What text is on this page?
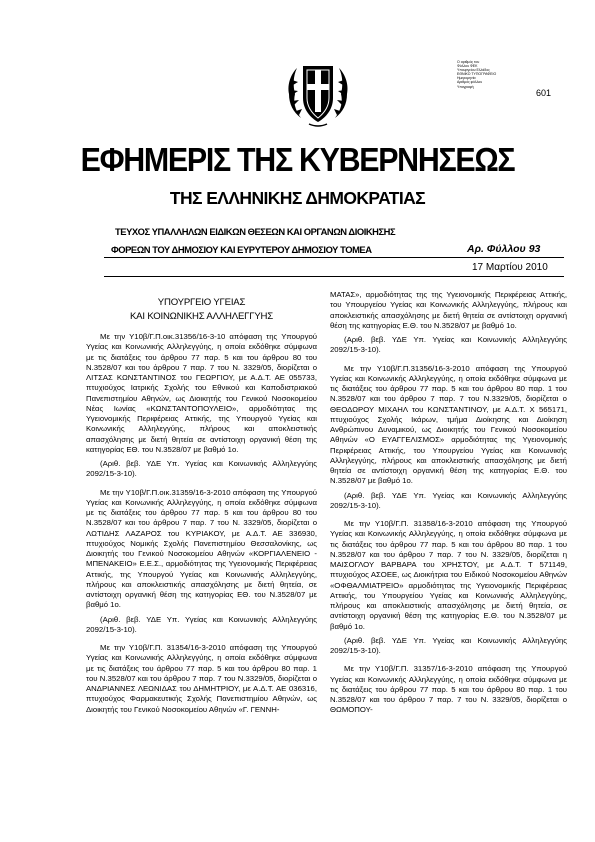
Ο αριθμός του
Φύλλου ΦΕΚ
Υπουργείου Ελλάδος
ΕΘΝΙΚΟ ΤΥΠΟΓΡΑΦΕΙΟ
Ημερομηνία
Αριθμός φύλλου
Υπογραφή
601
ΕΦΗΜΕΡΙΣ ΤΗΣ ΚΥΒΕΡΝΗΣΕΩΣ
ΤΗΣ ΕΛΛΗΝΙΚΗΣ ΔΗΜΟΚΡΑΤΙΑΣ
ΤΕΥΧΟΣ ΥΠΑΛΛΗΛΩΝ ΕΙΔΙΚΩΝ ΘΕΣΕΩΝ ΚΑΙ ΟΡΓΑΝΩΝ ΔΙΟΙΚΗΣΗΣ
ΦΟΡΕΩΝ ΤΟΥ ΔΗΜΟΣΙΟΥ ΚΑΙ ΕΥΡΥΤΕΡΟΥ ΔΗΜΟΣΙΟΥ ΤΟΜΕΑ	Αρ. Φύλλου 93
17 Μαρτίου 2010
ΥΠΟΥΡΓΕΙΟ ΥΓΕΙΑΣ
ΚΑΙ ΚΟΙΝΩΝΙΚΗΣ ΑΛΛΗΛΕΓΓΥΗΣ

Με την Υ10β/Γ.Π.οικ.31356/16-3-10 απόφαση της Υπουργού Υγείας και Κοινωνικής Αλληλεγγύης, η οποία εκδόθηκε σύμφωνα με τις διατάξεις του άρθρου 77 παρ. 5 και του άρθρου 80 του Ν.3528/07 και του άρθρου 7 παρ. 7 του Ν. 3329/05, διορίζεται ο ΛΙΤΣΑΣ ΚΩΝΣΤΑΝΤΙΝΟΣ του ΓΕΩΡΓΙΟΥ, με Α.Δ.Τ. ΑΕ 055733, πτυχιούχος Ιατρικής Σχολής του Εθνικού και Καποδιστριακού Πανεπιστημίου Αθηνών, ως Διοικητής του Γενικού Νοσοκομείου Νέας Ιωνίας «ΚΩΝΣΤΑΝΤΟΠΟΥΛΕΙΟ», αρμοδιότητας της Υγειονομικής Περιφέρειας Αττικής, της Υπουργού Υγείας και Κοινωνικής Αλληλεγγύης, πλήρους και αποκλειστικής απασχόλησης με διετή θητεία σε αντίστοιχη οργανική θέση της κατηγορίας ΕΘ. του Ν.3528/07 με βαθμό 1ο.

(Αριθ. βεβ. ΥΔΕ Υπ. Υγείας και Κοινωνικής Αλληλεγγύης 2092/15-3-10).

Με την Υ10β/Γ.Π.οικ.31359/16-3-2010 απόφαση της Υπουργού Υγείας και Κοινωνικής Αλληλεγγύης, η οποία εκδόθηκε σύμφωνα με τις διατάξεις του άρθρου 77 παρ. 5 και του άρθρου 80 του Ν.3528/07 και του άρθρου 7 παρ. 7 του Ν. 3329/05, διορίζεται ο ΛΩΤΙΔΗΣ ΛΑΖΑΡΟΣ του ΚΥΡΙΑΚΟΥ, με Α.Δ.Τ. ΑΕ 336930, πτυχιούχος Νομικής Σχολής Πανεπιστημίου Θεσσαλονίκης, ως Διοικητής του Γενικού Νοσοκομείου Αθηνών «ΚΟΡΓΙΑΛΕΝΕΙΟ - ΜΠΕΝΑΚΕΙΟ» Ε.Ε.Σ., αρμοδιότητας της Υγειονομικής Περιφέρειας Αττικής, της Υπουργού Υγείας και Κοινωνικής Αλληλεγγύης, πλήρους και αποκλειστικής απασχόλησης με διετή θητεία, σε αντίστοιχη οργανική θέση της κατηγορίας ΕΘ. του Ν.3528/07 με βαθμό 1ο.

(Αριθ. βεβ. ΥΔΕ Υπ. Υγείας και Κοινωνικής Αλληλεγγύης 2092/15-3-10).

Με την Υ10β/Γ.Π. 31354/16-3-2010 απόφαση της Υπουργού Υγείας και Κοινωνικής Αλληλεγγύης, η οποία εκδόθηκε σύμφωνα με τις διατάξεις του άρθρου 77 παρ. 5 και του άρθρου 80 παρ. 1 του Ν.3528/07 και του άρθρου 7 παρ. 7 του Ν.3329/05, διορίζεται ο ΑΝΔΡΙΑΝΝΕΣ ΛΕΩΝΙΔΑΣ του ΔΗΜΗΤΡΙΟΥ, με Α.Δ.Τ. ΑΕ 036316, πτυχιούχος Φαρμακευτικής Σχολής Πανεπιστημίου Αθηνών, ως Διοικητής του Γενικού Νοσοκομείου Αθηνών «Γ. ΓΕΝΝΗ-

ΜΑΤΑΣ», αρμοδιότητας της της Υγειονομικής Περιφέρειας Αττικής, του Υπουργείου Υγείας και Κοινωνικής Αλληλεγγύης, πλήρους και αποκλειστικής απασχόλησης με διετή θητεία σε αντίστοιχη οργανική θέση της κατηγορίας Ε.Θ. του Ν.3528/07 με βαθμό 1ο.

(Αριθ. βεβ. ΥΔΕ Υπ. Υγείας και Κοινωνικής Αλληλεγγύης 2092/15-3-10).

Με την Υ10β/Γ.Π.31356/16-3-2010 απόφαση της Υπουργού Υγείας και Κοινωνικής Αλληλεγγύης, η οποία εκδόθηκε σύμφωνα με τις διατάξεις του άρθρου 77 παρ. 5 και του άρθρου 80 παρ. 1 του Ν.3528/07 και του άρθρου 7 παρ. 7 του Ν.3329/05, διορίζεται ο ΘΕΟΔΩΡΟΥ ΜΙΧΑΗΛ του ΚΩΝΣΤΑΝΤΙΝΟΥ, με Α.Δ.Τ. Χ 565171, πτυχιούχος Σχολής Ικάρων, τμήμα Διοίκησης και Διοίκηση Ανθρώπινου Δυναμικού, ως Διοικητής του Γενικού Νοσοκομείου Αθηνών «Ο ΕΥΑΓΓΕΛΙΣΜΟΣ» αρμοδιότητας της Υγειονομικής Περιφέρειας Αττικής, του Υπουργείου Υγείας και Κοινωνικής Αλληλεγγύης, πλήρους και αποκλειστικής απασχόλησης με διετή θητεία σε αντίστοιχη οργανική θέση της κατηγορίας Ε.Θ. του Ν.3528/07 με βαθμό 1ο.

(Αριθ. βεβ. ΥΔΕ Υπ. Υγείας και Κοινωνικής Αλληλεγγύης 2092/15-3-10).

Με την Υ10β/Γ.Π. 31358/16-3-2010 απόφαση της Υπουργού Υγείας και Κοινωνικής Αλληλεγγύης, η οποία εκδόθηκε σύμφωνα με τις διατάξεις του άρθρου 77 παρ. 5 και του άρθρου 80 παρ. 1 του Ν.3528/07 και του άρθρου 7 παρ. 7 του Ν. 3329/05, διορίζεται η ΜΑΙΣΟΓΛΟΥ ΒΑΡΒΑΡΑ του ΧΡΗΣΤΟΥ, με Α.Δ.Τ. Τ 571149, πτυχιούχος ΑΣΟΕΕ, ως Διοικήτρια του Ειδικού Νοσοκομείου Αθηνών «ΟΦΘΑΛΜΙΑΤΡΕΙΟ» αρμοδιότητας της Υγειονομικής Περιφέρειας Αττικής, του Υπουργείου Υγείας και Κοινωνικής Αλληλεγγύης, πλήρους και αποκλειστικής απασχόλησης με διετή θητεία, σε αντίστοιχη οργανική θέση της κατηγορίας Ε.Θ. του Ν.3528/07 με βαθμό 1ο.

(Αριθ. βεβ. ΥΔΕ Υπ. Υγείας και Κοινωνικής Αλληλεγγύης 2092/15-3-10).

Με την Υ10β/Γ.Π. 31357/16-3-2010 απόφαση της Υπουργού Υγείας και Κοινωνικής Αλληλεγγύης, η οποία εκδόθηκε σύμφωνα με τις διατάξεις του άρθρου 77 παρ. 5 και του άρθρου 80 παρ. 1 του Ν.3528/07 και του άρθρου 7 παρ. 7 του Ν. 3329/05, διορίζεται ο ΘΩΜΟΠΟΥ-
